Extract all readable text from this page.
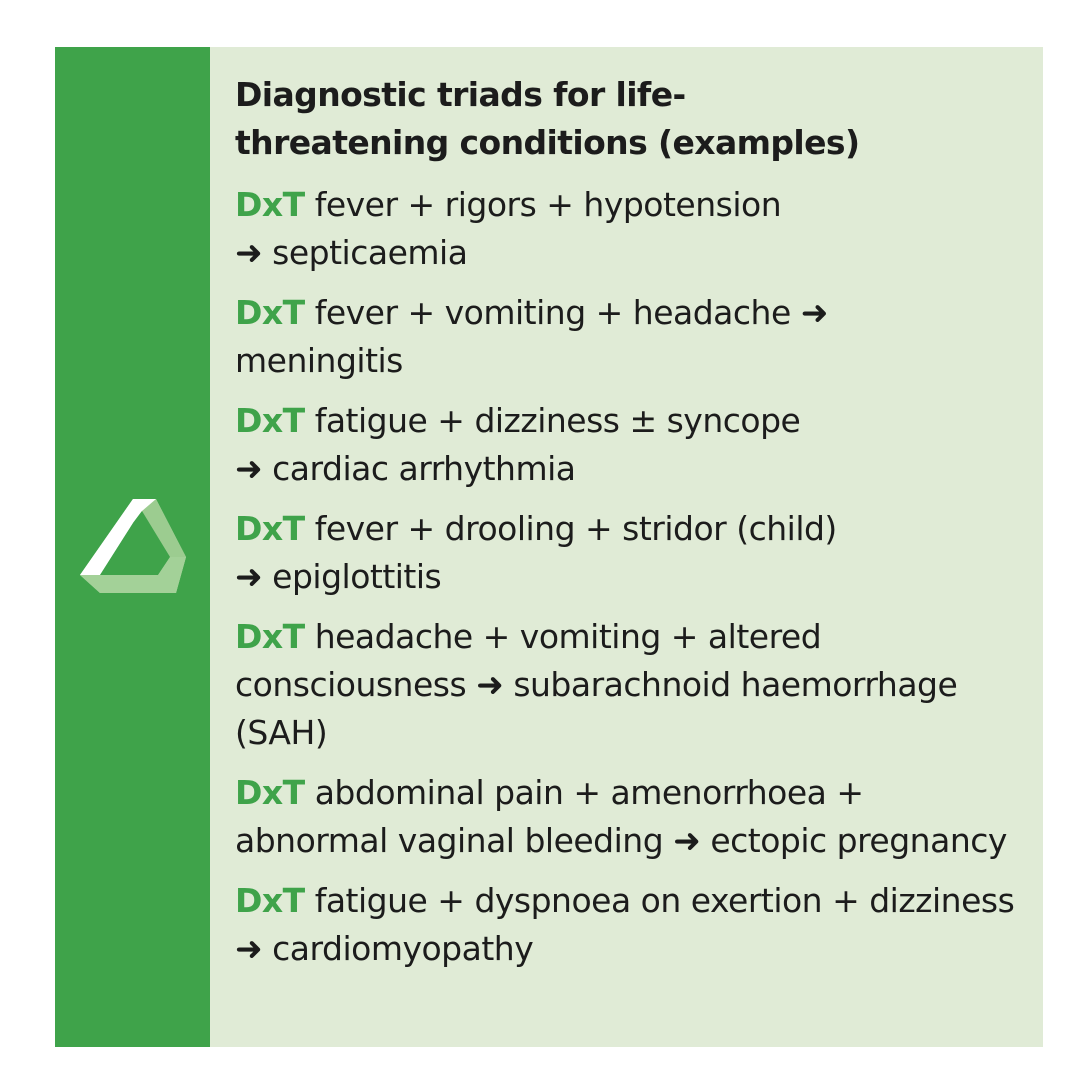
Diagnostic triads for life-threatening conditions (examples)
DxT fever + rigors + hypotension
➜ septicaemia
DxT fever + vomiting + headache ➜
meningitis
DxT fatigue + dizziness ± syncope
➜ cardiac arrhythmia
DxT fever + drooling + stridor (child)
➜ epiglottitis
DxT headache + vomiting + altered consciousness ➜ subarachnoid haemorrhage (SAH)
DxT abdominal pain + amenorrhoea + abnormal vaginal bleeding ➜ ectopic pregnancy
DxT fatigue + dyspnoea on exertion + dizziness ➜ cardiomyopathy
